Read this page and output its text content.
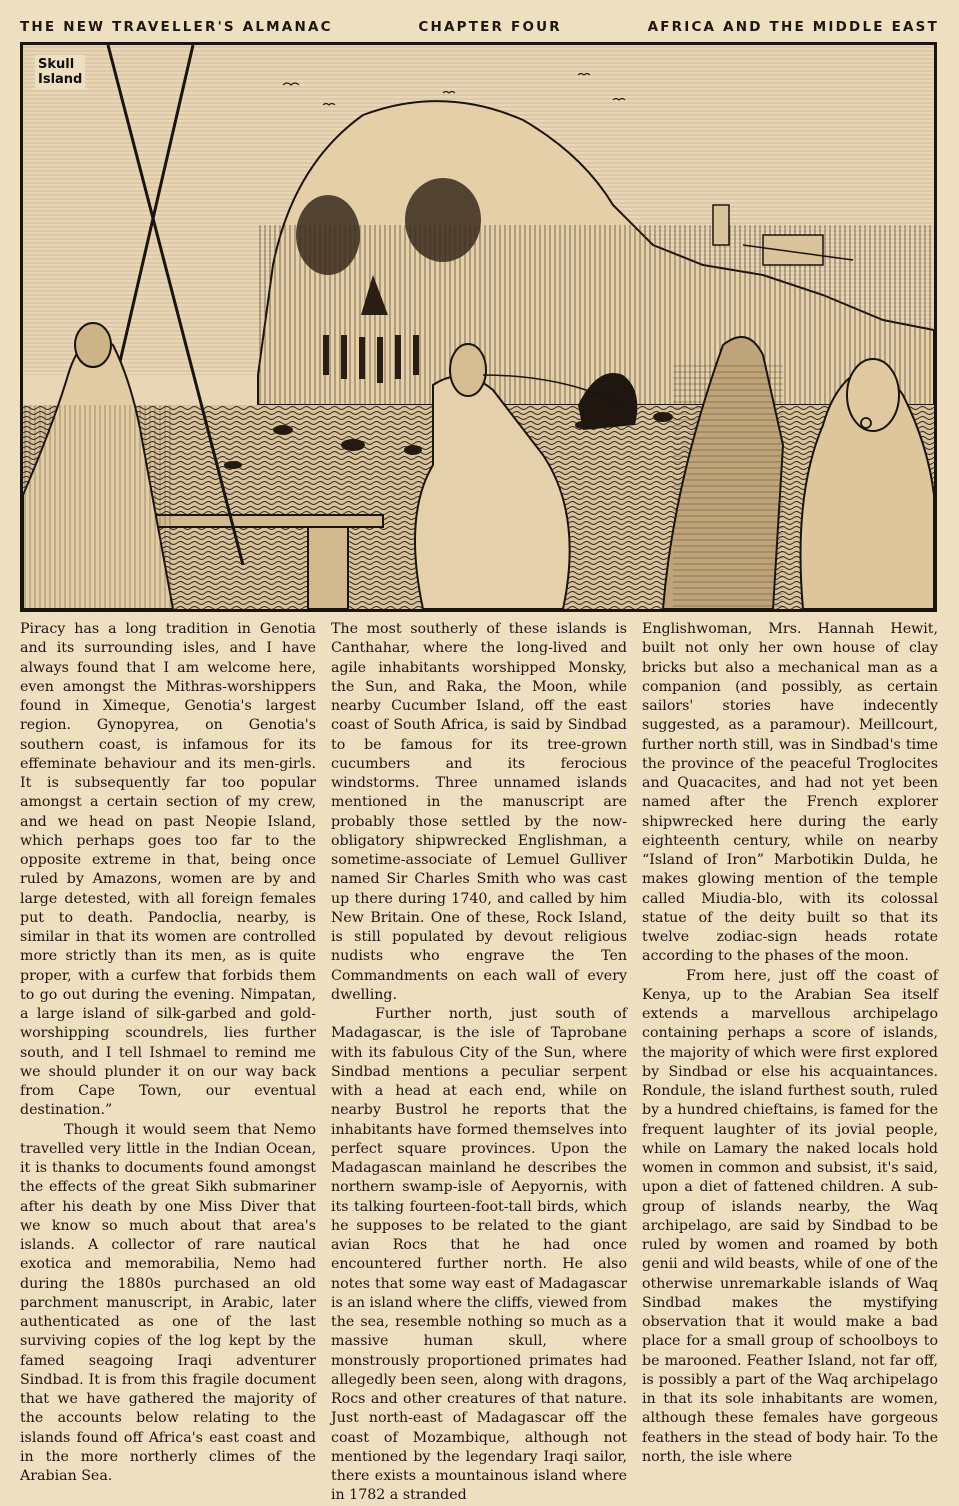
THE NEW TRAVELLER'S ALMANAC	CHAPTER FOUR	AFRICA AND THE MIDDLE EAST
Skull
Island

Piracy has a long tradition in Genotia and its surrounding isles, and I have always found that I am welcome here, even amongst the Mithras-worshippers found in Ximeque, Genotia's largest region. Gynopyrea, on Genotia's southern coast, is infamous for its effeminate behaviour and its men-girls. It is subsequently far too popular amongst a certain section of my crew, and we head on past Neopie Island, which perhaps goes too far to the opposite extreme in that, being once ruled by Amazons, women are by and large detested, with all foreign females put to death. Pandoclia, nearby, is similar in that its women are controlled more strictly than its men, as is quite proper, with a curfew that forbids them to go out during the evening. Nimpatan, a large island of silk-garbed and gold-worshipping scoundrels, lies further south, and I tell Ishmael to remind me we should plunder it on our way back from Cape Town, our eventual destination.”

Though it would seem that Nemo travelled very little in the Indian Ocean, it is thanks to documents found amongst the effects of the great Sikh submariner after his death by one Miss Diver that we know so much about that area's islands. A collector of rare nautical exotica and memorabilia, Nemo had during the 1880s purchased an old parchment manuscript, in Arabic, later authenticated as one of the last surviving copies of the log kept by the famed seagoing Iraqi adventurer Sindbad. It is from this fragile document that we have gathered the majority of the accounts below relating to the islands found off Africa's east coast and in the more northerly climes of the Arabian Sea.

The most southerly of these islands is Canthahar, where the long-lived and agile inhabitants worshipped Monsky, the Sun, and Raka, the Moon, while nearby Cucumber Island, off the east coast of South Africa, is said by Sindbad to be famous for its tree-grown cucumbers and its ferocious windstorms. Three unnamed islands mentioned in the manuscript are probably those settled by the now-obligatory shipwrecked Englishman, a sometime-associate of Lemuel Gulliver named Sir Charles Smith who was cast up there during 1740, and called by him New Britain. One of these, Rock Island, is still populated by devout religious nudists who engrave the Ten Commandments on each wall of every dwelling.

Further north, just south of Madagascar, is the isle of Taprobane with its fabulous City of the Sun, where Sindbad mentions a peculiar serpent with a head at each end, while on nearby Bustrol he reports that the inhabitants have formed themselves into perfect square provinces. Upon the Madagascan mainland he describes the northern swamp-isle of Aepyornis, with its talking fourteen-foot-tall birds, which he supposes to be related to the giant avian Rocs that he had once encountered further north. He also notes that some way east of Madagascar is an island where the cliffs, viewed from the sea, resemble nothing so much as a massive human skull, where monstrously proportioned primates had allegedly been seen, along with dragons, Rocs and other creatures of that nature. Just north-east of Madagascar off the coast of Mozambique, although not mentioned by the legendary Iraqi sailor, there exists a mountainous island where in 1782 a stranded

Englishwoman, Mrs. Hannah Hewit, built not only her own house of clay bricks but also a mechanical man as a companion (and possibly, as certain sailors' stories have indecently suggested, as a paramour). Meillcourt, further north still, was in Sindbad's time the province of the peaceful Troglocites and Quacacites, and had not yet been named after the French explorer shipwrecked here during the early eighteenth century, while on nearby “Island of Iron” Marbotikin Dulda, he makes glowing mention of the temple called Miudia-blo, with its colossal statue of the deity built so that its twelve zodiac-sign heads rotate according to the phases of the moon.

From here, just off the coast of Kenya, up to the Arabian Sea itself extends a marvellous archipelago containing perhaps a score of islands, the majority of which were first explored by Sindbad or else his acquaintances. Rondule, the island furthest south, ruled by a hundred chieftains, is famed for the frequent laughter of its jovial people, while on Lamary the naked locals hold women in common and subsist, it's said, upon a diet of fattened children. A sub-group of islands nearby, the Waq archipelago, are said by Sindbad to be ruled by women and roamed by both genii and wild beasts, while of one of the otherwise unremarkable islands of Waq Sindbad makes the mystifying observation that it would make a bad place for a small group of schoolboys to be marooned. Feather Island, not far off, is possibly a part of the Waq archipelago in that its sole inhabitants are women, although these females have gorgeous feathers in the stead of body hair. To the north, the isle where
